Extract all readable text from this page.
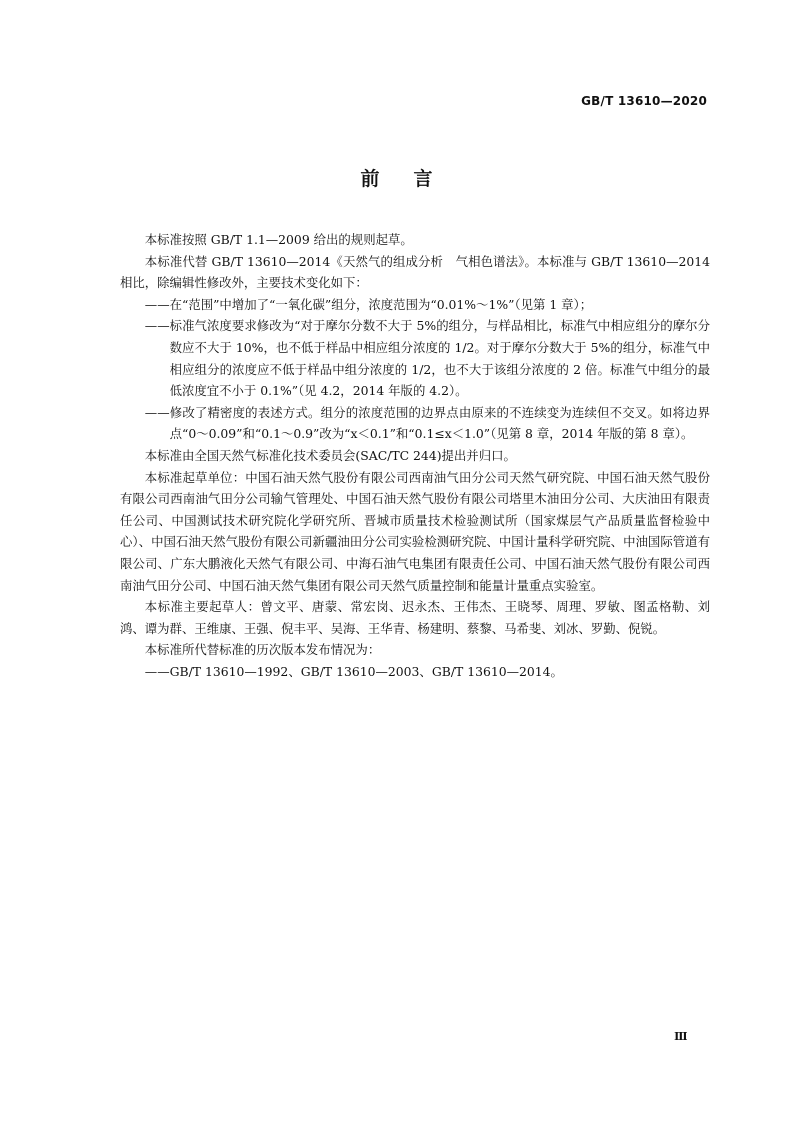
GB/T 13610—2020
前言

本标准按照 GB/T 1.1—2009 给出的规则起草。

本标准代替 GB/T 13610—2014《天然气的组成分析　气相色谱法》。本标准与 GB/T 13610—2014 相比，除编辑性修改外，主要技术变化如下：

——在“范围”中增加了“一氧化碳”组分，浓度范围为“0.01%～1%”（见第 1 章）；

——标准气浓度要求修改为“对于摩尔分数不大于 5%的组分，与样品相比，标准气中相应组分的摩尔分数应不大于 10%，也不低于样品中相应组分浓度的 1/2。对于摩尔分数大于 5%的组分，标准气中相应组分的浓度应不低于样品中组分浓度的 1/2，也不大于该组分浓度的 2 倍。标准气中组分的最低浓度宜不小于 0.1%”（见 4.2，2014 年版的 4.2）。

——修改了精密度的表述方式。组分的浓度范围的边界点由原来的不连续变为连续但不交叉。如将边界点“0～0.09”和“0.1～0.9”改为“x＜0.1”和“0.1≤x＜1.0”（见第 8 章，2014 年版的第 8 章）。

本标准由全国天然气标准化技术委员会(SAC/TC 244)提出并归口。

本标准起草单位：中国石油天然气股份有限公司西南油气田分公司天然气研究院、中国石油天然气股份有限公司西南油气田分公司输气管理处、中国石油天然气股份有限公司塔里木油田分公司、大庆油田有限责任公司、中国测试技术研究院化学研究所、晋城市质量技术检验测试所（国家煤层气产品质量监督检验中心）、中国石油天然气股份有限公司新疆油田分公司实验检测研究院、中国计量科学研究院、中油国际管道有限公司、广东大鹏液化天然气有限公司、中海石油气电集团有限责任公司、中国石油天然气股份有限公司西南油气田分公司、中国石油天然气集团有限公司天然气质量控制和能量计量重点实验室。

本标准主要起草人：曾文平、唐蒙、常宏岗、迟永杰、王伟杰、王晓琴、周理、罗敏、图孟格勒、刘鸿、谭为群、王维康、王强、倪丰平、吴海、王华青、杨建明、蔡黎、马希斐、刘冰、罗勤、倪锐。

本标准所代替标准的历次版本发布情况为：

——GB/T 13610—1992、GB/T 13610—2003、GB/T 13610—2014。

Ⅲ
